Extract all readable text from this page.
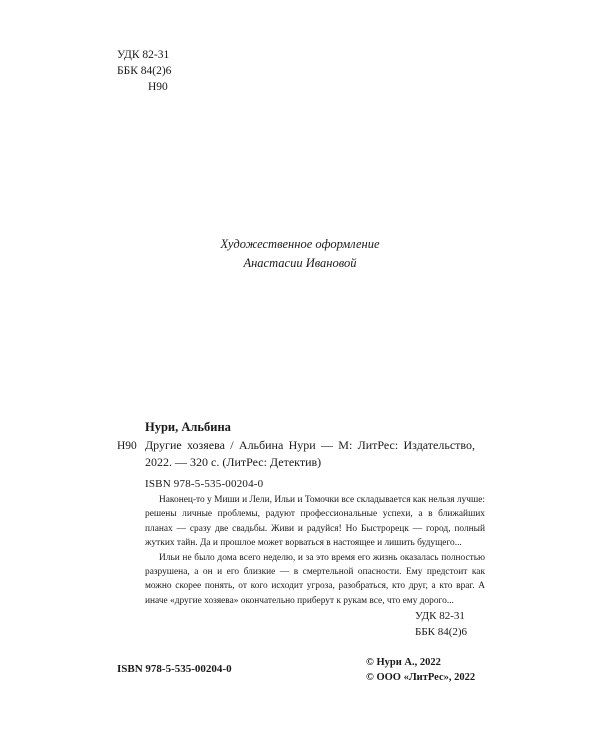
УДК 82-31
ББК 84(2)6
Н90
Художественное оформление
Анастасии Ивановой
Нури, Альбина
Н90 Другие хозяева / Альбина Нури — М: ЛитРес: Издательство, 2022. — 320 с. (ЛитРес: Детектив)
ISBN 978-5-535-00204-0

Наконец-то у Миши и Лели, Ильи и Томочки все складывается как нельзя лучше: решены личные проблемы, радуют профессиональные успехи, а в ближайших планах — сразу две свадьбы. Живи и радуйся! Но Быстрорецк — город, полный жутких тайн. Да и прошлое может ворваться в настоящее и лишить будущего...

Ильи не было дома всего неделю, и за это время его жизнь оказалась полностью разрушена, а он и его близкие — в смертельной опасности. Ему предстоит как можно скорее понять, от кого исходит угроза, разобраться, кто друг, а кто враг. А иначе «другие хозяева» окончательно приберут к рукам все, что ему дорого...

УДК 82-31
ББК 84(2)6
ISBN 978-5-535-00204-0
© Нури А., 2022
© ООО «ЛитРес», 2022
